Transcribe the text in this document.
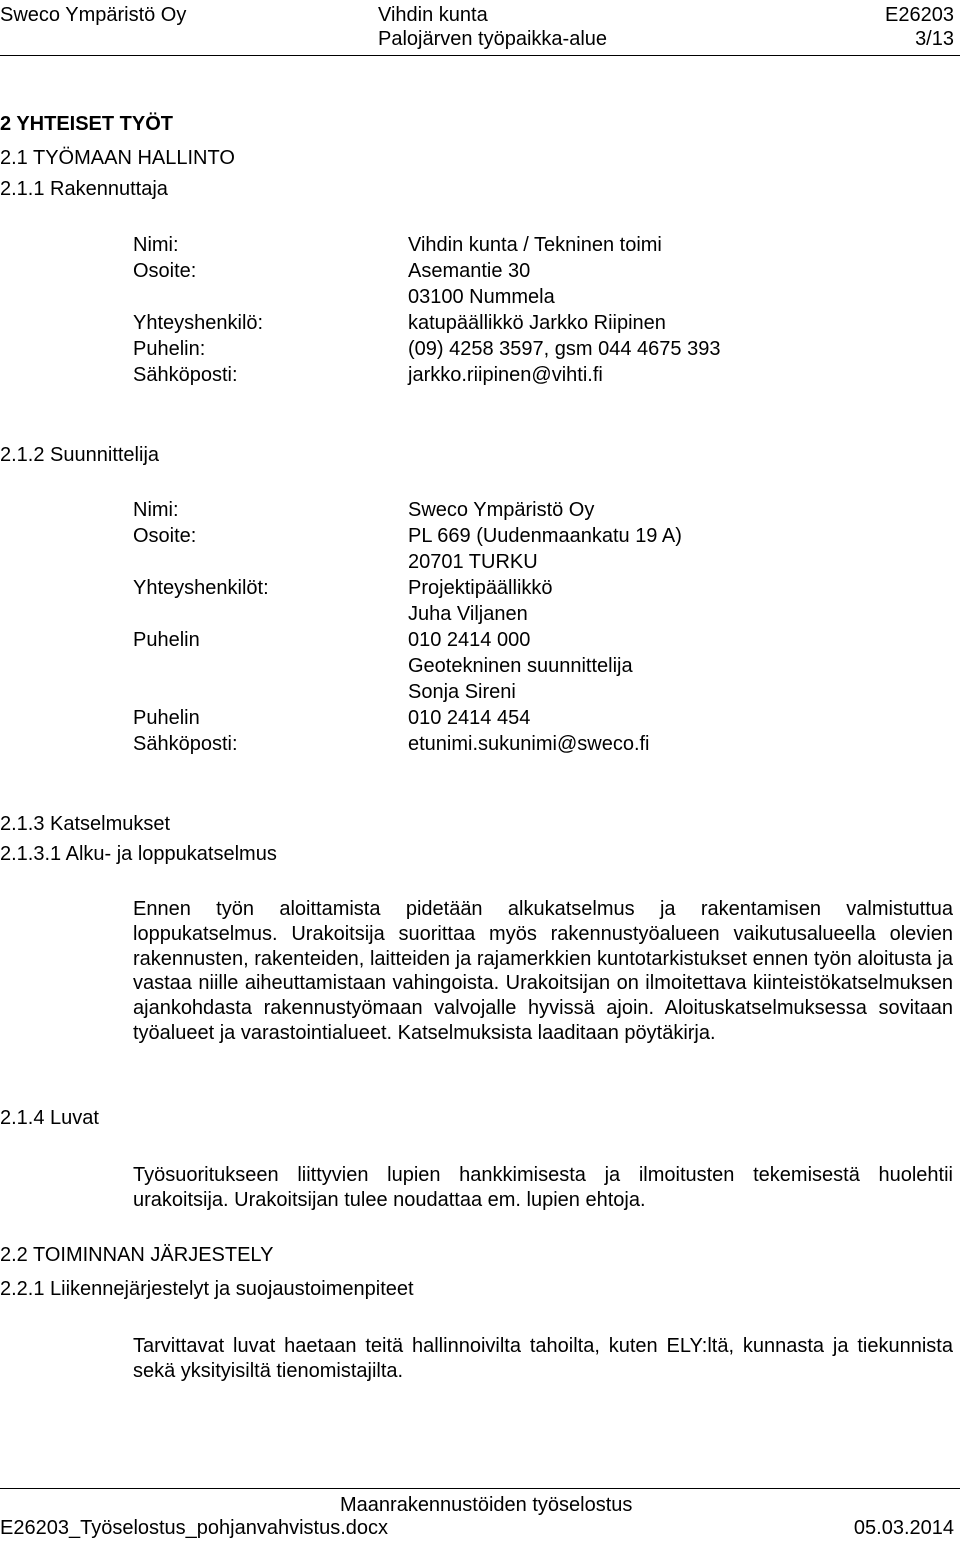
Sweco Ympäristö Oy	Vihdin kunta
Palojärven työpaikka-alue
E26203
3/13
2 YHTEISET TYÖT
2.1 TYÖMAAN HALLINTO
2.1.1 Rakennuttaja
Nimi:	Vihdin kunta / Tekninen toimi
Osoite:	Asemantie 30
03100 Nummela
Yhteyshenkilö:	katupäällikkö Jarkko Riipinen
Puhelin:	(09) 4258 3597, gsm 044 4675 393
Sähköposti:	jarkko.riipinen@vihti.fi
2.1.2 Suunnittelija
Nimi:	Sweco Ympäristö Oy
Osoite:	PL 669 (Uudenmaankatu 19 A)
20701 TURKU
Yhteyshenkilöt:	Projektipäällikkö
Juha Viljanen
Puhelin	010 2414 000
Geotekninen suunnittelija
Sonja Sireni
Puhelin	010 2414 454
Sähköposti:	etunimi.sukunimi@sweco.fi
2.1.3 Katselmukset
2.1.3.1 Alku- ja loppukatselmus
Ennen työn aloittamista pidetään alkukatselmus ja rakentamisen valmistuttua loppukatselmus. Urakoitsija suorittaa myös rakennustyöalueen vaikutusalueella olevien rakennusten, rakenteiden, laitteiden ja rajamerkkien kuntotarkistukset ennen työn aloitusta ja vastaa niille aiheuttamistaan vahingoista. Urakoitsijan on ilmoitettava kiinteistökatselmuksen ajankohdasta rakennustyömaan valvojalle hyvissä ajoin. Aloituskatselmuksessa sovitaan työalueet ja varastointialueet. Katselmuksista laaditaan pöytäkirja.
2.1.4 Luvat
Työsuoritukseen liittyvien lupien hankkimisesta ja ilmoitusten tekemisestä huolehtii urakoitsija. Urakoitsijan tulee noudattaa em. lupien ehtoja.
2.2 TOIMINNAN JÄRJESTELY
2.2.1 Liikennejärjestelyt ja suojaustoimenpiteet
Tarvittavat luvat haetaan teitä hallinnoivilta tahoilta, kuten ELY:ltä, kunnasta ja tiekunnista sekä yksityisiltä tienomistajilta.
Maanrakennustöiden työselostus
E26203_Työselostus_pohjanvahvistus.docx	05.03.2014
